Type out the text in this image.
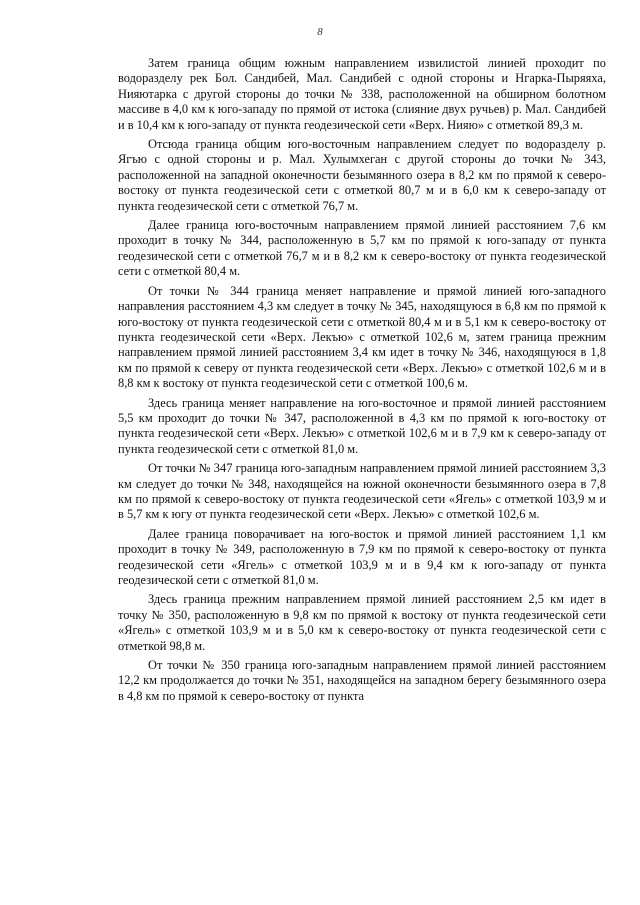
8

Затем граница общим южным направлением извилистой линией проходит по водоразделу рек Бол. Сандибей, Мал. Сандибей с одной стороны и Нгарка-Пыряяха, Нияютарка с другой стороны до точки № 338, расположенной на обширном болотном массиве в 4,0 км к юго-западу по прямой от истока (слияние двух ручьев) р. Мал. Сандибей и в 10,4 км к юго-западу от пункта геодезической сети «Верх. Нияю» с отметкой 89,3 м.

Отсюда граница общим юго-восточным направлением следует по водоразделу р. Ягъю с одной стороны и р. Мал. Хулымхеган с другой стороны до точки № 343, расположенной на западной оконечности безымянного озера в 8,2 км по прямой к северо-востоку от пункта геодезической сети с отметкой 80,7 м и в 6,0 км к северо-западу от пункта геодезической сети с отметкой 76,7 м.

Далее граница юго-восточным направлением прямой линией расстоянием 7,6 км проходит в точку № 344, расположенную в 5,7 км по прямой к юго-западу от пункта геодезической сети с отметкой 76,7 м и в 8,2 км к северо-востоку от пункта геодезической сети с отметкой 80,4 м.

От точки № 344 граница меняет направление и прямой линией юго-западного направления расстоянием 4,3 км следует в точку № 345, находящуюся в 6,8 км по прямой к юго-востоку от пункта геодезической сети с отметкой 80,4 м и в 5,1 км к северо-востоку от пункта геодезической сети «Верх. Лекъю» с отметкой 102,6 м, затем граница прежним направлением прямой линией расстоянием 3,4 км идет в точку № 346, находящуюся в 1,8 км по прямой к северу от пункта геодезической сети «Верх. Лекъю» с отметкой 102,6 м и в 8,8 км к востоку от пункта геодезической сети с отметкой 100,6 м.

Здесь граница меняет направление на юго-восточное и прямой линией расстоянием 5,5 км проходит до точки № 347, расположенной в 4,3 км по прямой к юго-востоку от пункта геодезической сети «Верх. Лекъю» с отметкой 102,6 м и в 7,9 км к северо-западу от пункта геодезической сети с отметкой 81,0 м.

От точки № 347 граница юго-западным направлением прямой линией расстоянием 3,3 км следует до точки № 348, находящейся на южной оконечности безымянного озера в 7,8 км по прямой к северо-востоку от пункта геодезической сети «Ягель» с отметкой 103,9 м и в 5,7 км к югу от пункта геодезической сети «Верх. Лекъю» с отметкой 102,6 м.

Далее граница поворачивает на юго-восток и прямой линией расстоянием 1,1 км проходит в точку № 349, расположенную в 7,9 км по прямой к северо-востоку от пункта геодезической сети «Ягель» с отметкой 103,9 м и в 9,4 км к юго-западу от пункта геодезической сети с отметкой 81,0 м.

Здесь граница прежним направлением прямой линией расстоянием 2,5 км идет в точку № 350, расположенную в 9,8 км по прямой к востоку от пункта геодезической сети «Ягель» с отметкой 103,9 м и в 5,0 км к северо-востоку от пункта геодезической сети с отметкой 98,8 м.

От точки № 350 граница юго-западным направлением прямой линией расстоянием 12,2 км продолжается до точки № 351, находящейся на западном берегу безымянного озера в 4,8 км по прямой к северо-востоку от пункта
